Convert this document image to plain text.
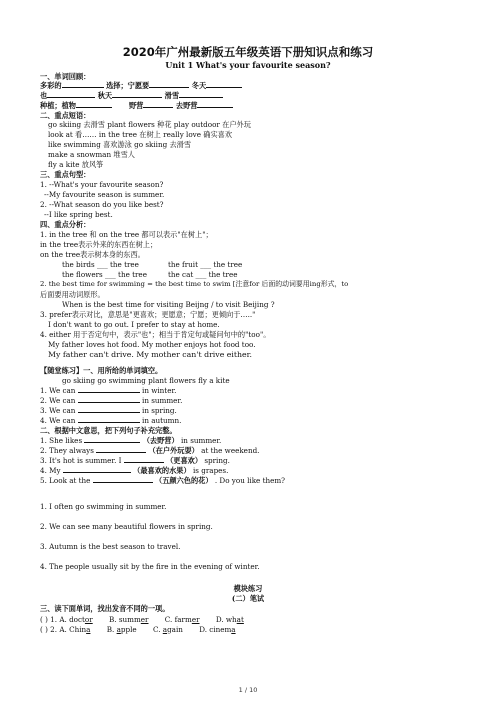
2020年广州最新版五年级英语下册知识点和练习
Unit 1 What's your favourite season?
一、单词回顾：
多彩的	选择；宁愿要	冬天
也	秋天	滑雪
种植；植物	野营	去野营
二、重点短语：
go skiing 去滑雪 plant flowers 种花 play outdoor 在户外玩
look at 看…… in the tree 在树上 really love 确实喜欢
like swimming 喜欢游泳 go skiing 去滑雪
make a snowman 堆雪人
fly a kite 放风筝
三、重点句型：
1. --What's your favourite season?
--My favourite season is summer.
2. --What season do you like best?
--I like spring best.
四、重点分析：
1. in the tree 和 on the tree 都可以表示"在树上"；
in the tree表示外来的东西在树上；
on the tree表示树本身的东西。
the birds ___ the tree	the fruit ___ the tree
the flowers ___ the tree	the cat ___ the tree
2. the best time for swimming = the best time to swim [注意for 后面的动词要用ing形式，to
后面要用动词原形。
When is the best time for visiting Beijng / to visit Beijing ?
3. prefer表示对比，意思是"更喜欢；更愿意；宁愿；更倾向于….."
I don't want to go out. I prefer to stay at home.
4. either 用于否定句中，表示"也"；相当于肯定句或疑问句中的"too"。
My father loves hot food. My mother enjoys hot food too.
My father can't drive. My mother can't drive either.
【随堂练习】一、用所给的单词填空。
go skiing go swimming plant flowers fly a kite
1. We can	in winter.
2. We can	in summer.
3. We can	in spring.
4. We can	in autumn.
二、根据中文意思，把下列句子补充完整。
1. She likes	（去野营） in summer.
2. They always	（在户外玩耍） at the weekend.
3. It's hot is summer. I	（更喜欢） spring.
4. My	（最喜欢的水果） is grapes.
5. Look at the	（五颜六色的花） . Do you like them?
1. I often go swimming in summer.
2. We can see many beautiful flowers in spring.
3. Autumn is the best season to travel.
4. The people usually sit by the fire in the evening of winter.
模块练习
(二）笔试
三、读下面单词，找出发音不同的一项。
( ) 1. A. doctor B. summer C. farmer D. what
( ) 2. A. China B. apple C. again D. cinema
1 / 10
